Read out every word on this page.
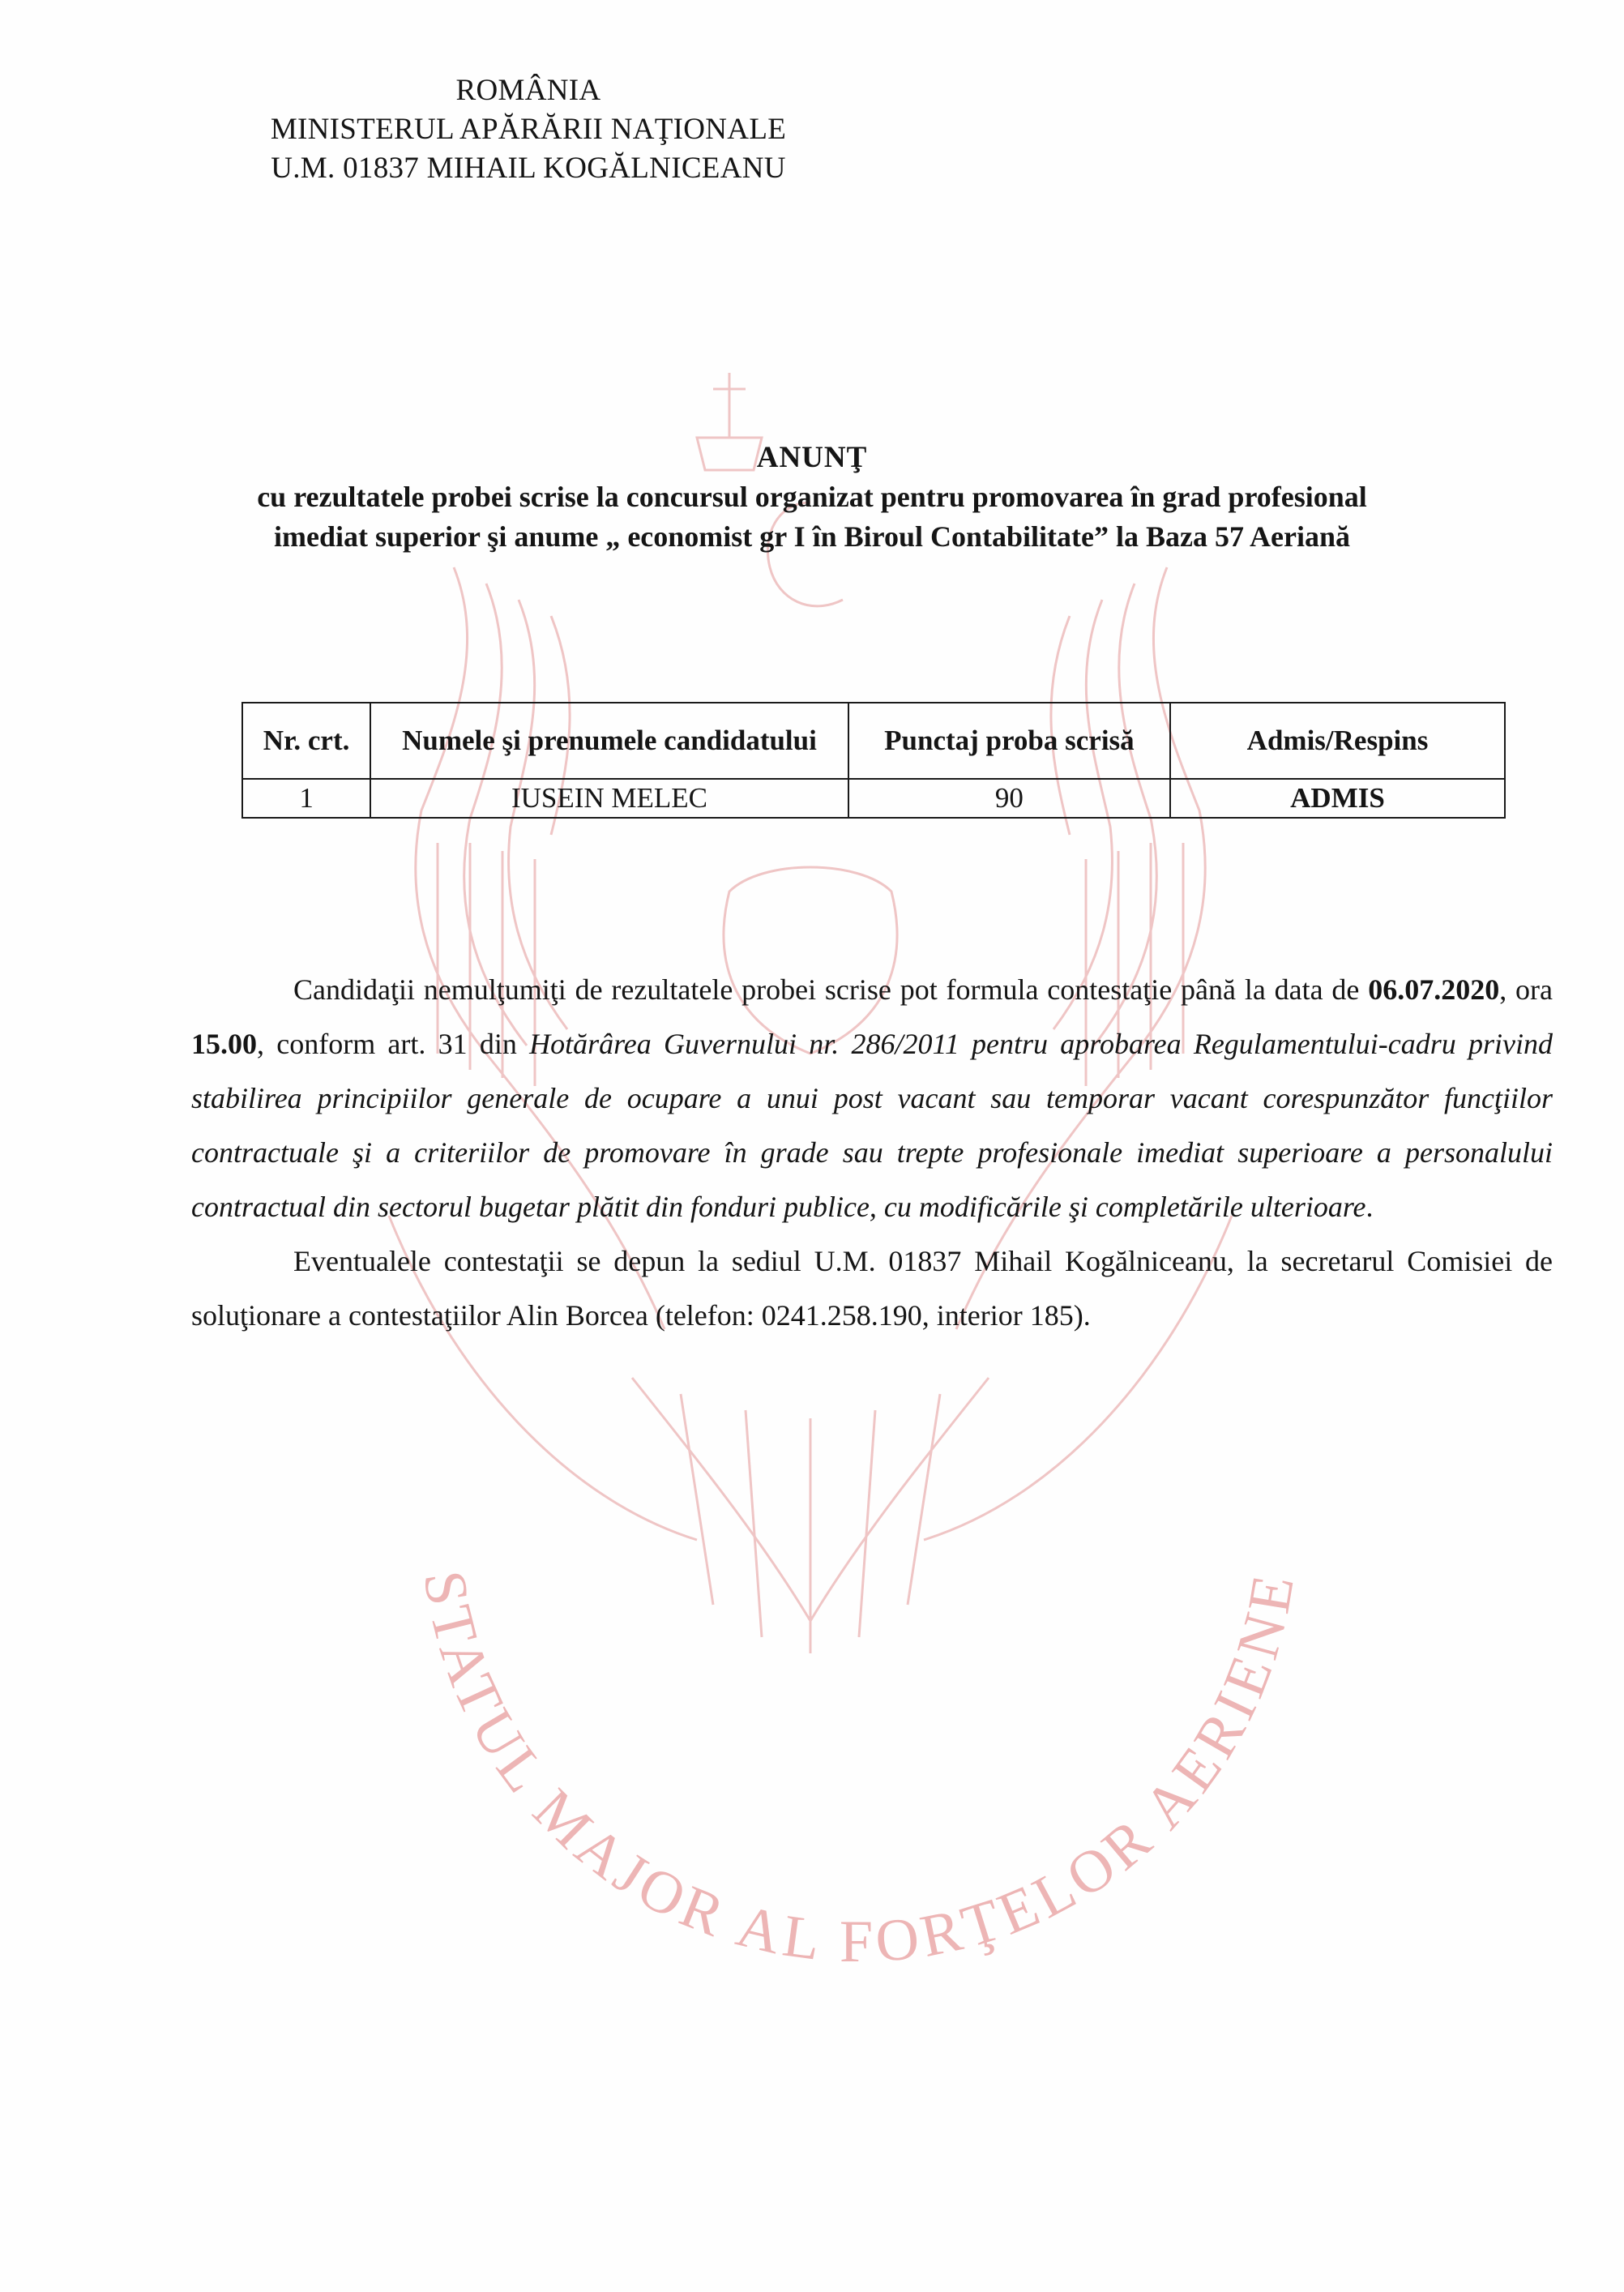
STATUL MAJOR AL FORŢELOR AERIENE
ROMÂNIA
MINISTERUL APĂRĂRII NAŢIONALE
U.M. 01837 MIHAIL KOGĂLNICEANU
ANUNŢ
cu rezultatele probei scrise la concursul organizat pentru promovarea în grad profesional
imediat superior şi anume „ economist gr I în Biroul Contabilitate” la Baza 57 Aeriană
Nr. crt.	Numele şi prenumele candidatului	Punctaj proba scrisă	Admis/Respins
1	IUSEIN MELEC	90	ADMIS

Candidaţii nemulţumiţi de rezultatele probei scrise pot formula contestaţie până la data de 06.07.2020, ora 15.00, conform art. 31 din Hotărârea Guvernului nr. 286/2011 pentru aprobarea Regulamentului-cadru privind stabilirea principiilor generale de ocupare a unui post vacant sau temporar vacant corespunzător funcţiilor contractuale şi a criteriilor de promovare în grade sau trepte profesionale imediat superioare a personalului contractual din sectorul bugetar plătit din fonduri publice, cu modificările şi completările ulterioare.

Eventualele contestaţii se depun la sediul U.M. 01837 Mihail Kogălniceanu, la secretarul Comisiei de soluţionare a contestaţiilor Alin Borcea (telefon: 0241.258.190, interior 185).
